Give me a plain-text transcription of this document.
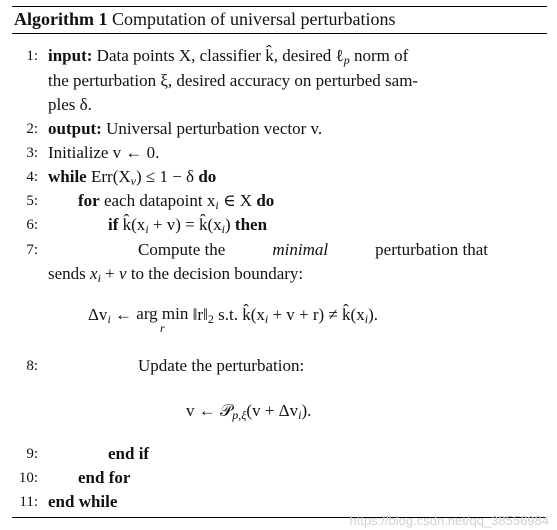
Algorithm 1 Computation of universal perturbations
1: input: Data points X, classifier k̂, desired ℓ$_p$ norm of
the perturbation ξ, desired accuracy on perturbed sam-
ples δ.
2: output: Universal perturbation vector v.
3: Initialize v ← 0.
4: while $Err(X_v) \le 1 - \delta$ do
5: for each datapoint $x_i$ ∈ X do
6:	if $k̂(x_i + v)$ = $k̂(x_i)$ then
7:	Compute the	minimal	perturbation that
sends $x_i + v$ to the decision boundary:
$\Delta v_i$ ← arg min
r
$‖r‖_2$ s.t. $k̂(x_i + v + r)$ ≠ $k̂(x_i)$.
8:	Update the perturbation:
v ← 𝒫$_{p,\xi}$(v + $\Delta v_i$).
9:	end if
10: end for
11: end while
https://blog.csdn.net/qq_38556984
